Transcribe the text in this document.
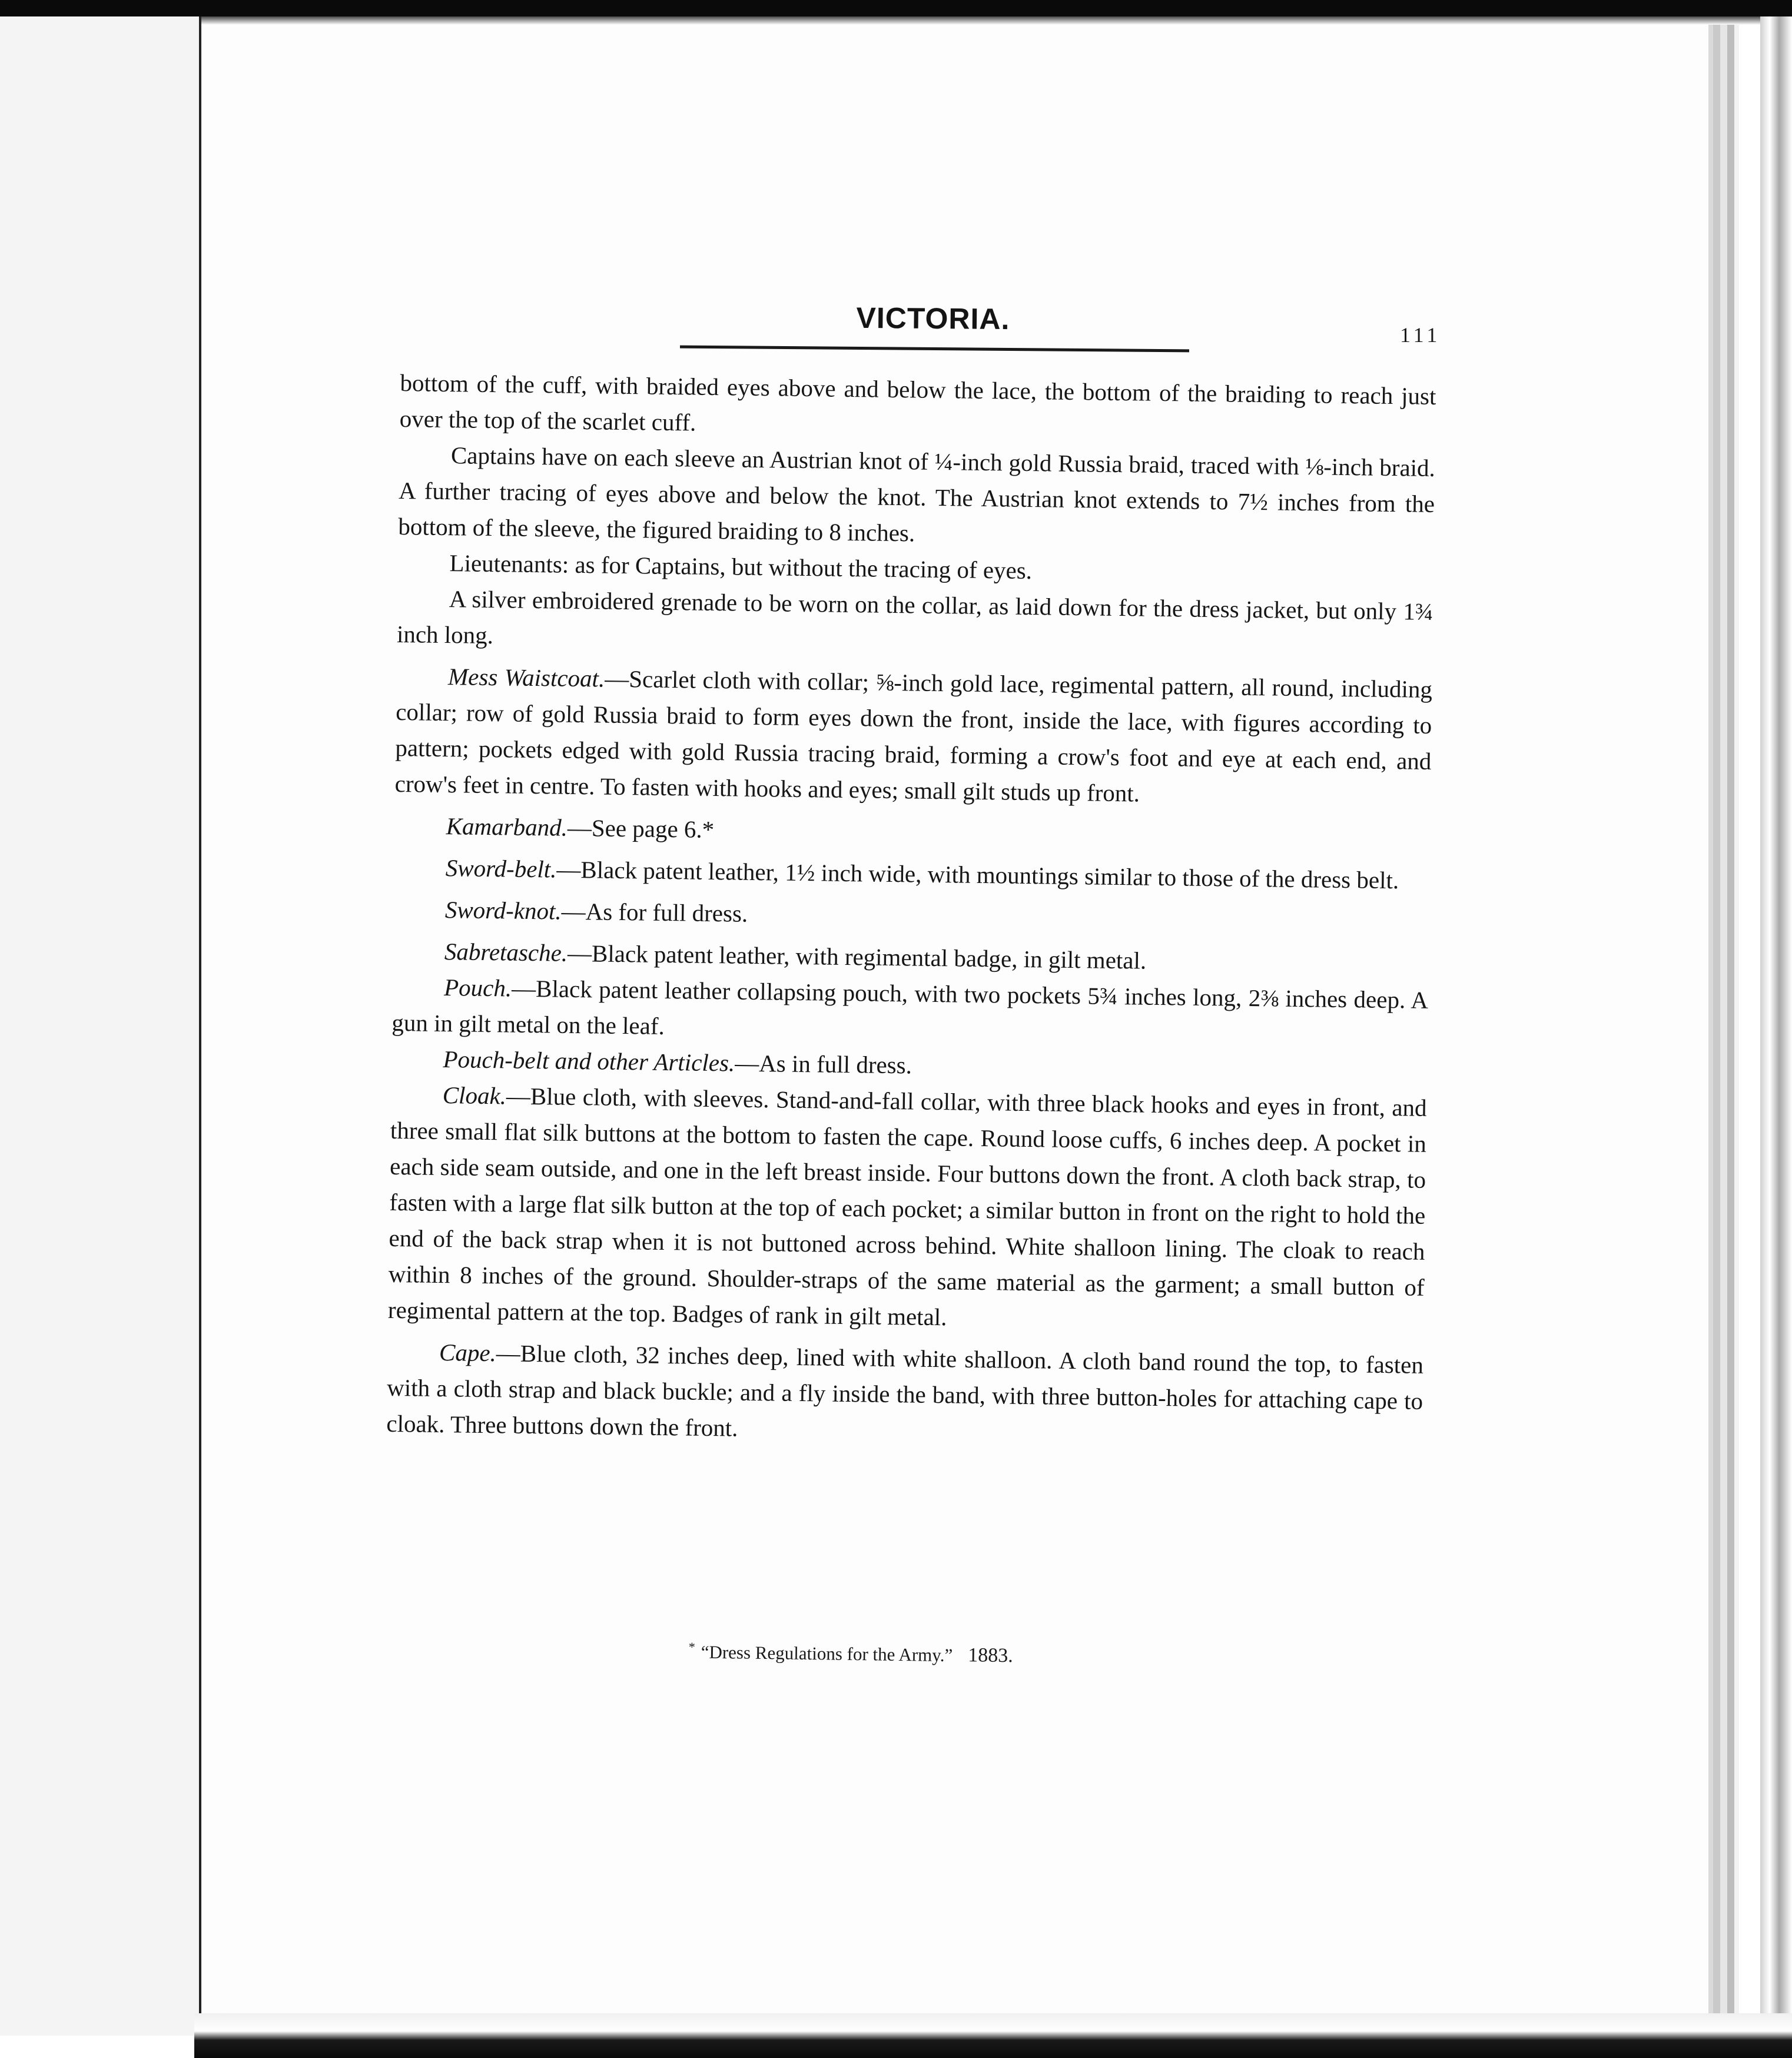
VICTORIA.	111

bottom of the cuff, with braided eyes above and below the lace, the bottom of the braiding to reach just over the top of the scarlet cuff.

Captains have on each sleeve an Austrian knot of ¼-inch gold Russia braid, traced with ⅛-inch braid. A further tracing of eyes above and below the knot. The Austrian knot extends to 7½ inches from the bottom of the sleeve, the figured braiding to 8 inches.

Lieutenants: as for Captains, but without the tracing of eyes.

A silver embroidered grenade to be worn on the collar, as laid down for the dress jacket, but only 1¾ inch long.

Mess Waistcoat.—Scarlet cloth with collar; ⅝-inch gold lace, regimental pattern, all round, including collar; row of gold Russia braid to form eyes down the front, inside the lace, with figures according to pattern; pockets edged with gold Russia tracing braid, forming a crow's foot and eye at each end, and crow's feet in centre. To fasten with hooks and eyes; small gilt studs up front.

Kamarband.—See page 6.*

Sword-belt.—Black patent leather, 1½ inch wide, with mountings similar to those of the dress belt.

Sword-knot.—As for full dress.

Sabretasche.—Black patent leather, with regimental badge, in gilt metal.

Pouch.—Black patent leather collapsing pouch, with two pockets 5¾ inches long, 2⅜ inches deep. A gun in gilt metal on the leaf.

Pouch-belt and other Articles.—As in full dress.

Cloak.—Blue cloth, with sleeves. Stand-and-fall collar, with three black hooks and eyes in front, and three small flat silk buttons at the bottom to fasten the cape. Round loose cuffs, 6 inches deep. A pocket in each side seam outside, and one in the left breast inside. Four buttons down the front. A cloth back strap, to fasten with a large flat silk button at the top of each pocket; a similar button in front on the right to hold the end of the back strap when it is not buttoned across behind. White shalloon lining. The cloak to reach within 8 inches of the ground. Shoulder-straps of the same material as the garment; a small button of regimental pattern at the top. Badges of rank in gilt metal.

Cape.—Blue cloth, 32 inches deep, lined with white shalloon. A cloth band round the top, to fasten with a cloth strap and black buckle; and a fly inside the band, with three button-holes for attaching cape to cloak. Three buttons down the front.

* “Dress Regulations for the Army.” 1883.
